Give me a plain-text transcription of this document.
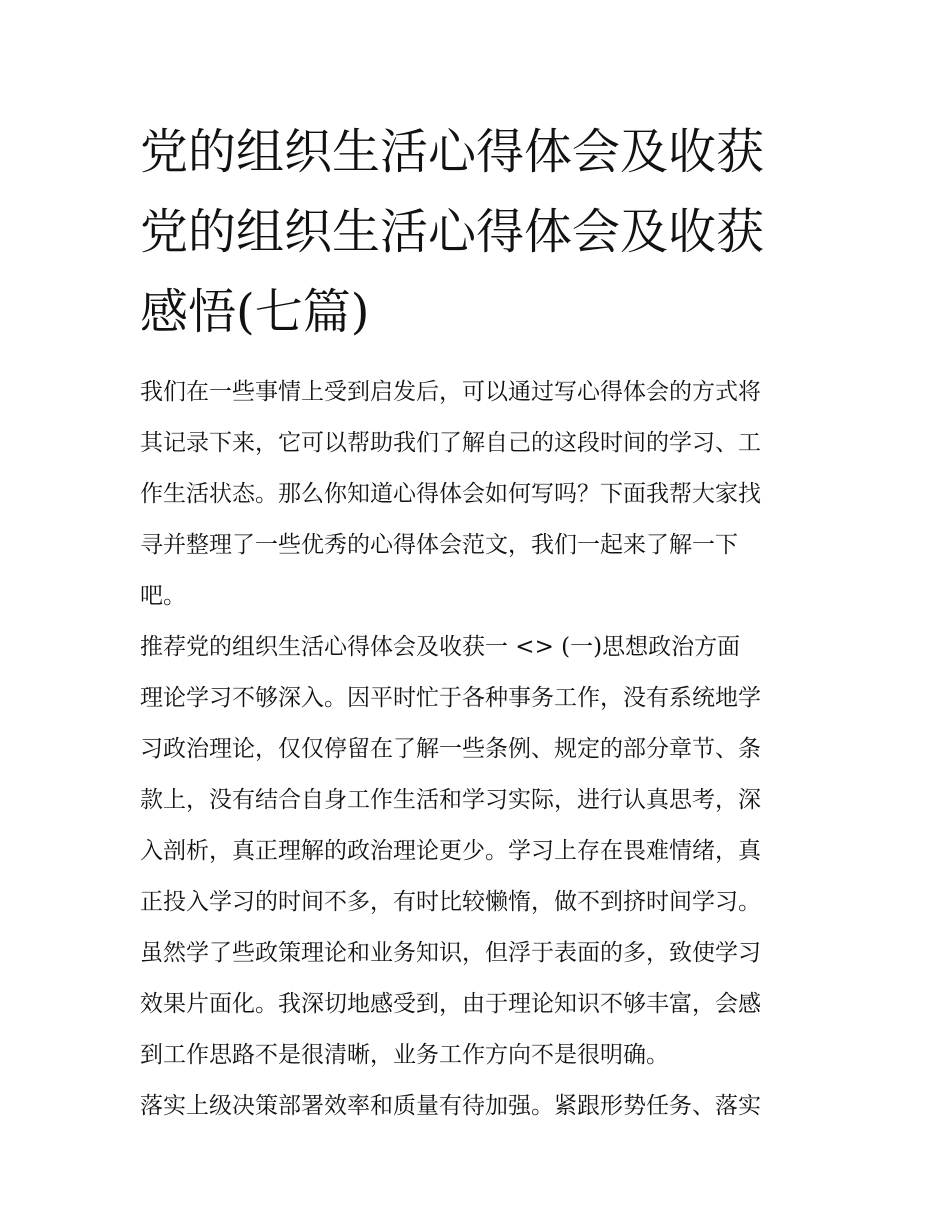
党的组织生活心得体会及收获
党的组织生活心得体会及收获
感悟(七篇)

我们在一些事情上受到启发后，可以通过写心得体会的方式将
其记录下来，它可以帮助我们了解自己的这段时间的学习、工
作生活状态。那么你知道心得体会如何写吗？下面我帮大家找
寻并整理了一些优秀的心得体会范文，我们一起来了解一下
吧。

推荐党的组织生活心得体会及收获一 <> (一)思想政治方面

理论学习不够深入。因平时忙于各种事务工作，没有系统地学
习政治理论，仅仅停留在了解一些条例、规定的部分章节、条
款上，没有结合自身工作生活和学习实际，进行认真思考，深
入剖析，真正理解的政治理论更少。学习上存在畏难情绪，真
正投入学习的时间不多，有时比较懒惰，做不到挤时间学习。
虽然学了些政策理论和业务知识，但浮于表面的多，致使学习
效果片面化。我深切地感受到，由于理论知识不够丰富，会感
到工作思路不是很清晰，业务工作方向不是很明确。

落实上级决策部署效率和质量有待加强。紧跟形势任务、落实
